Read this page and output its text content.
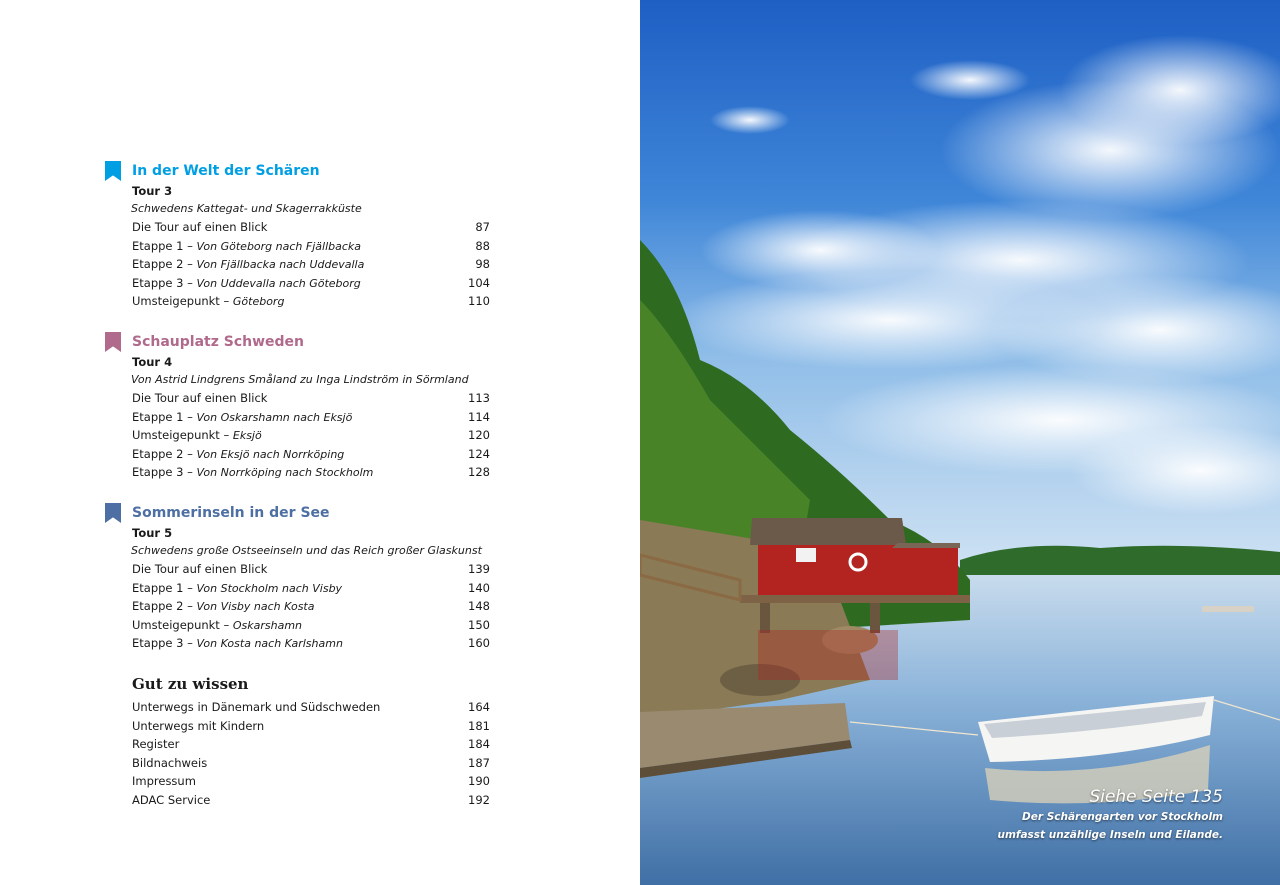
In der Welt der Schären
Tour 3
Schwedens Kattegat- und Skagerrakküste
Die Tour auf einen Blick	87
Etappe 1 – Von Göteborg nach Fjällbacka	88
Etappe 2 – Von Fjällbacka nach Uddevalla	98
Etappe 3 – Von Uddevalla nach Göteborg	104
Umsteigepunkt – Göteborg	110
Schauplatz Schweden
Tour 4
Von Astrid Lindgrens Småland zu Inga Lindström in Sörmland
Die Tour auf einen Blick	113
Etappe 1 – Von Oskarshamn nach Eksjö	114
Umsteigepunkt – Eksjö	120
Etappe 2 – Von Eksjö nach Norrköping	124
Etappe 3 – Von Norrköping nach Stockholm	128
Sommerinseln in der See
Tour 5
Schwedens große Ostseeinseln und das Reich großer Glaskunst
Die Tour auf einen Blick	139
Etappe 1 – Von Stockholm nach Visby	140
Etappe 2 – Von Visby nach Kosta	148
Umsteigepunkt – Oskarshamn	150
Etappe 3 – Von Kosta nach Karlshamn	160
Gut zu wissen
Unterwegs in Dänemark und Südschweden	164
Unterwegs mit Kindern	181
Register	184
Bildnachweis	187
Impressum	190
ADAC Service	192	Siehe Seite 135
Der Schärengarten vor Stockholm
umfasst unzählige Inseln und Eilande.
